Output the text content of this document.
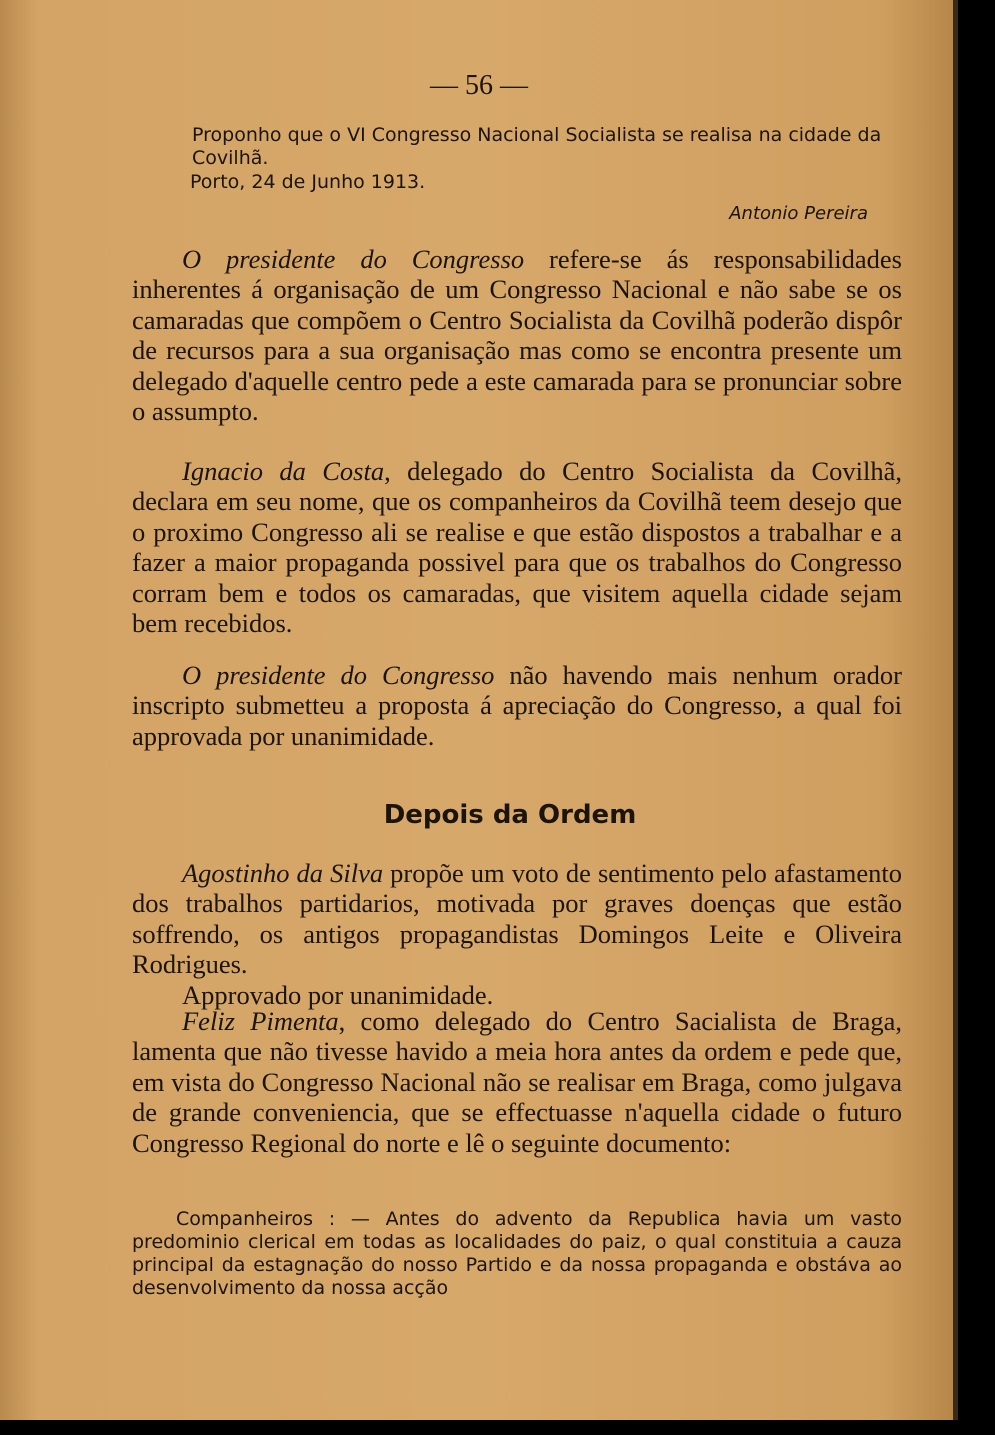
— 56 —
Proponho que o VI Congresso Nacional Socialista se realisa na cidade da Covilhã.
Porto, 24 de Junho 1913.
Antonio Pereira
O presidente do Congresso refere-se ás responsabilidades inherentes á organisação de um Congresso Nacional e não sabe se os camaradas que compõem o Centro Socialista da Covilhã poderão dispôr de recursos para a sua organisação mas como se encontra presente um delegado d'aquelle centro pede a este camarada para se pronunciar sobre o assumpto.
Ignacio da Costa, delegado do Centro Socialista da Covilhã, declara em seu nome, que os companheiros da Covilhã teem desejo que o proximo Congresso ali se realise e que estão dispostos a trabalhar e a fazer a maior propaganda possivel para que os trabalhos do Congresso corram bem e todos os camaradas, que visitem aquella cidade sejam bem recebidos.
O presidente do Congresso não havendo mais nenhum orador inscripto submetteu a proposta á apreciação do Congresso, a qual foi approvada por unanimidade.
Depois da Ordem
Agostinho da Silva propõe um voto de sentimento pelo afastamento dos trabalhos partidarios, motivada por graves doenças que estão soffrendo, os antigos propagandistas Domingos Leite e Oliveira Rodrigues.
Approvado por unanimidade.
Feliz Pimenta, como delegado do Centro Sacialista de Braga, lamenta que não tivesse havido a meia hora antes da ordem e pede que, em vista do Congresso Nacional não se realisar em Braga, como julgava de grande conveniencia, que se effectuasse n'aquella cidade o futuro Congresso Regional do norte e lê o seguinte documento:
Companheiros : — Antes do advento da Republica havia um vasto predominio clerical em todas as localidades do paiz, o qual constituia a cauza principal da estagnação do nosso Partido e da nossa propaganda e obstáva ao desenvolvimento da nossa acção
